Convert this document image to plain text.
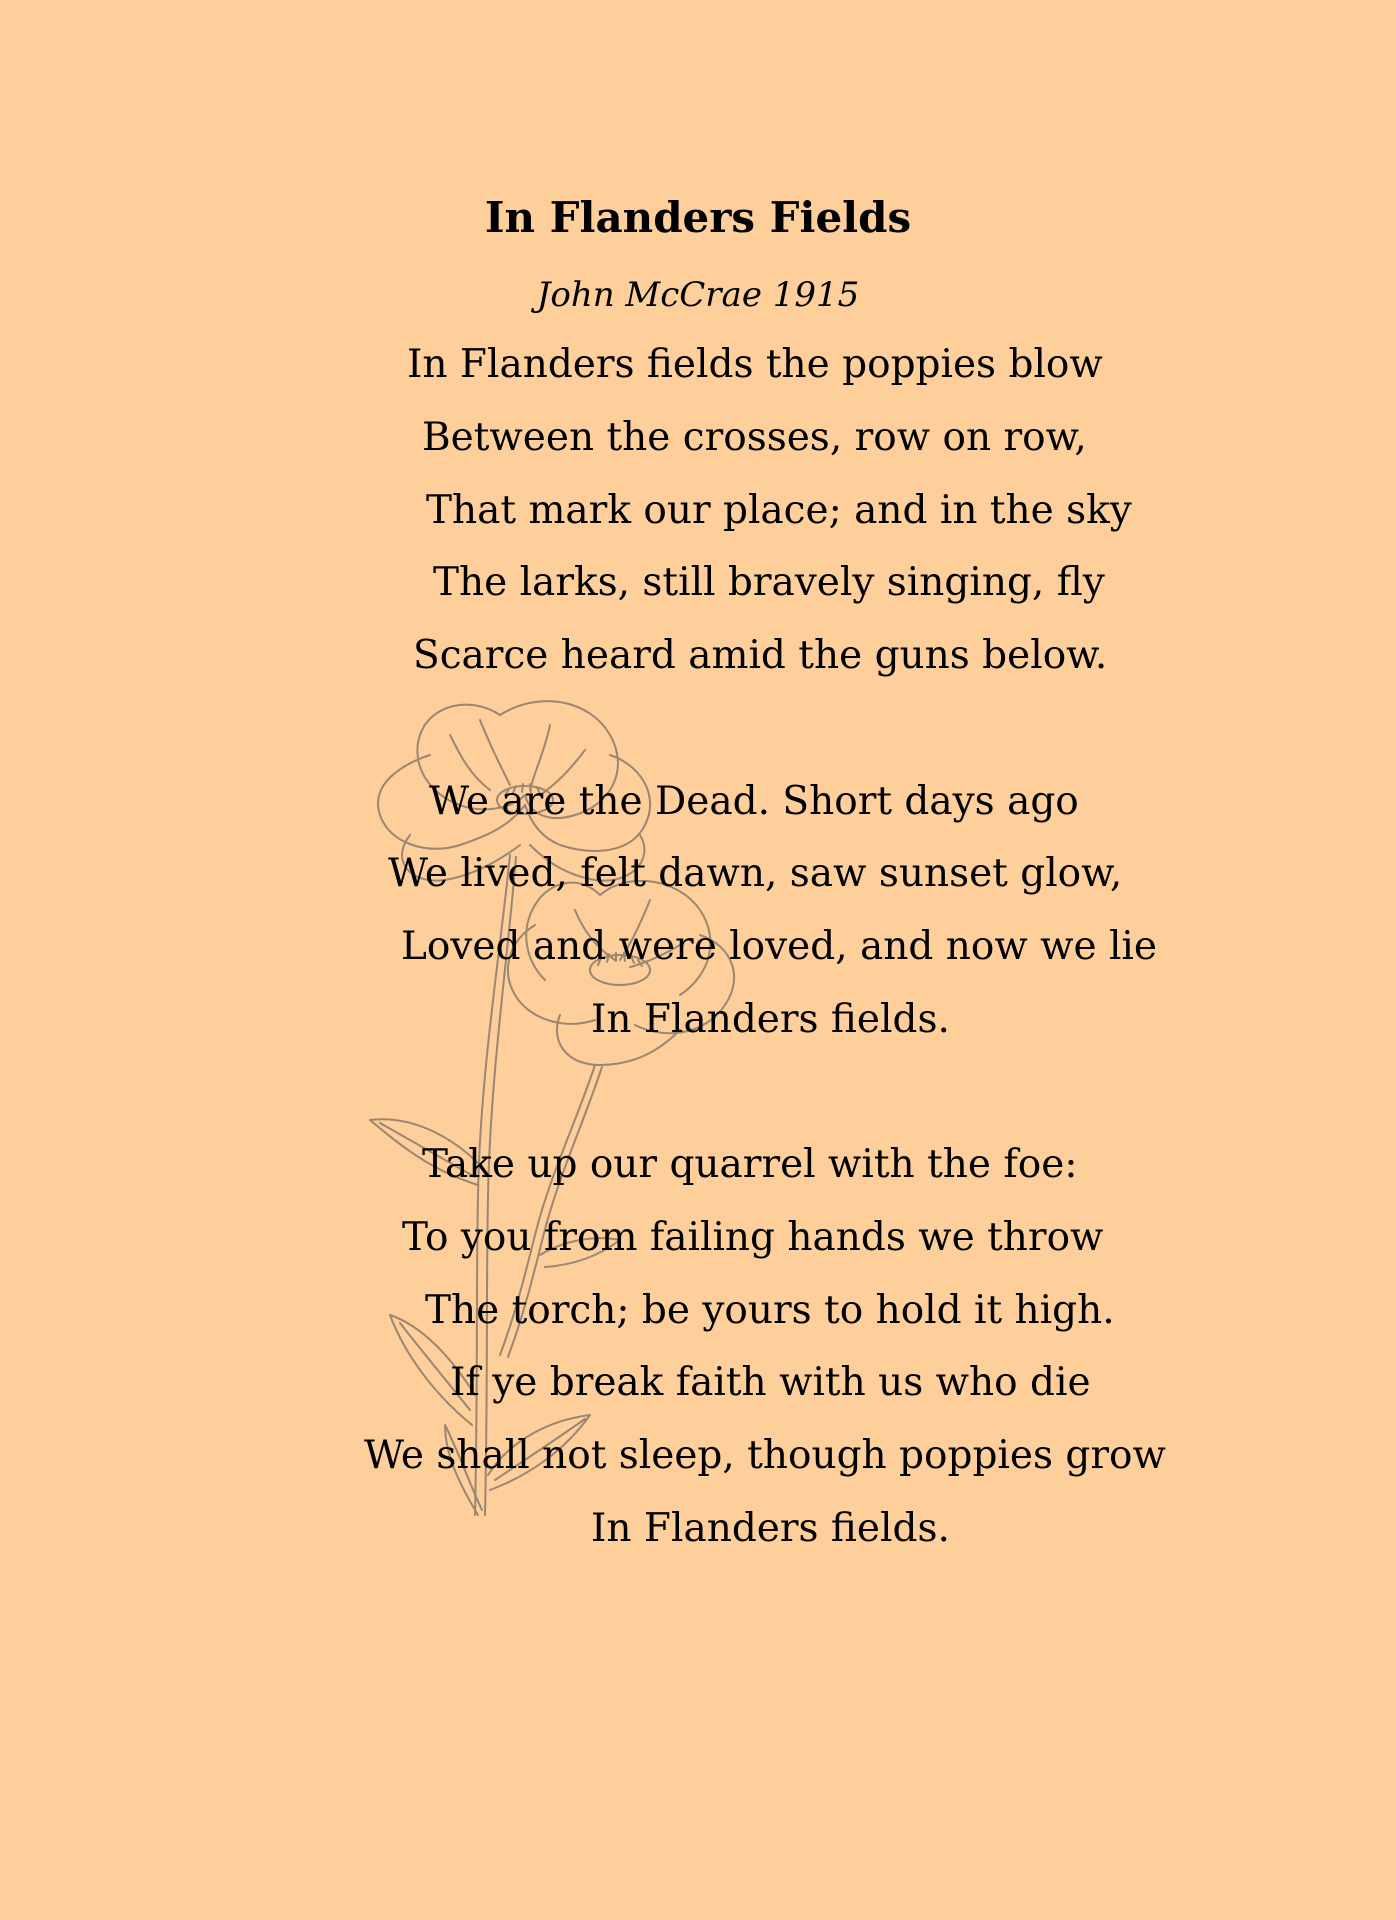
In Flanders Fields
John McCrae 1915
In Flanders fields the poppies blow
Between the crosses, row on row,
That mark our place; and in the sky
The larks, still bravely singing, fly
Scarce heard amid the guns below.
We are the Dead. Short days ago
We lived, felt dawn, saw sunset glow,
Loved and were loved, and now we lie
In Flanders fields.
Take up our quarrel with the foe:
To you from failing hands we throw
The torch; be yours to hold it high.
If ye break faith with us who die
We shall not sleep, though poppies grow
In Flanders fields.
